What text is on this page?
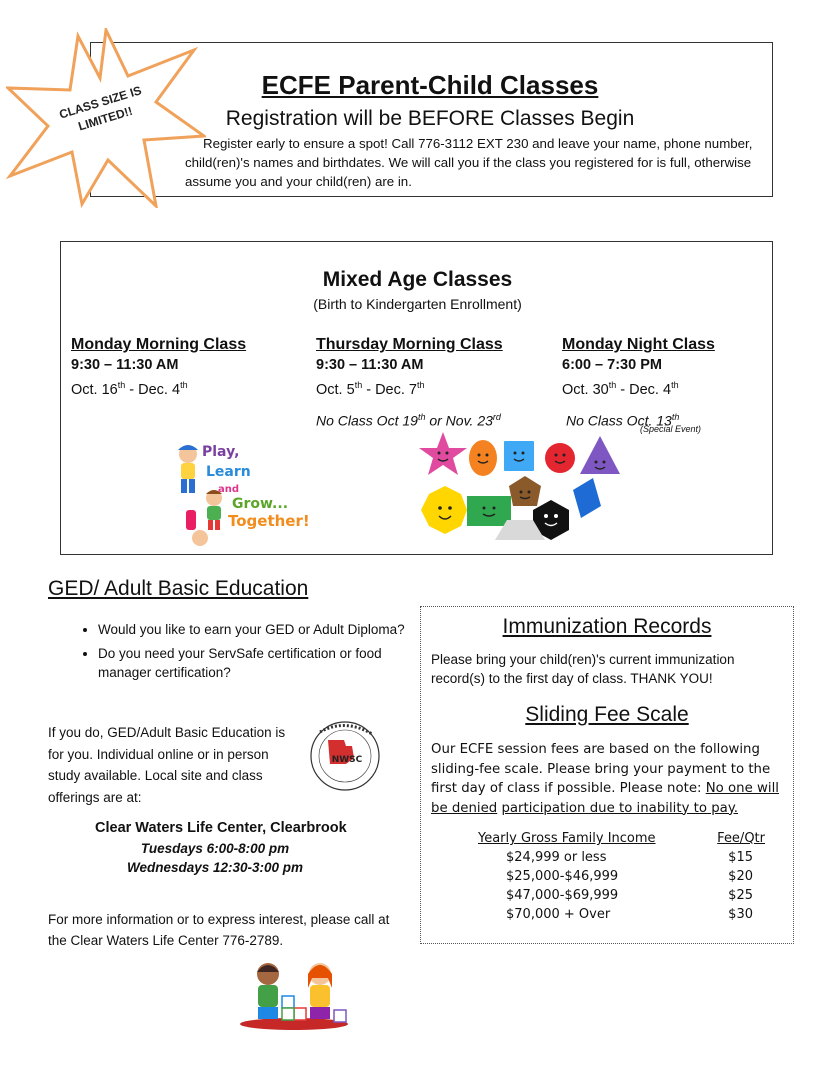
CLASS SIZE IS LIMITED!!
ECFE Parent-Child Classes
Registration will be BEFORE Classes Begin
Register early to ensure a spot! Call 776-3112 EXT 230 and leave your name, phone number, child(ren)'s names and birthdates. We will call you if the class you registered for is full, otherwise assume you and your child(ren) are in.
Mixed Age Classes
(Birth to Kindergarten Enrollment)
Monday Morning Class
9:30 – 11:30 AM
Oct. 16th - Dec. 4th
Thursday Morning Class
9:30 – 11:30 AM
Oct. 5th - Dec. 7th
No Class Oct 19th or Nov. 23rd
Monday Night Class
6:00 – 7:30 PM
Oct. 30th - Dec. 4th
No Class Oct. 13th
(Special Event)
Play,
Learn
and
Grow...
Together!
GED/ Adult Basic Education
• Would you like to earn your GED or Adult Diploma?
• Do you need your ServSafe certification or food manager certification?
If you do, GED/Adult Basic Education is for you. Individual online or in person study available. Local site and class offerings are at:
NWSC
Clear Waters Life Center, Clearbrook
Tuesdays 6:00-8:00 pm
Wednesdays 12:30-3:00 pm
For more information or to express interest, please call at the Clear Waters Life Center 776-2789.
Immunization Records
Please bring your child(ren)'s current immunization record(s) to the first day of class. THANK YOU!
Sliding Fee Scale
Our ECFE session fees are based on the following sliding-fee scale. Please bring your payment to the first day of class if possible. Please note: No one will be denied participation due to inability to pay.
Yearly Gross Family Income	Fee/Qtr
$24,999 or less	$15
$25,000-$46,999	$20
$47,000-$69,999	$25
$70,000 + Over	$30
